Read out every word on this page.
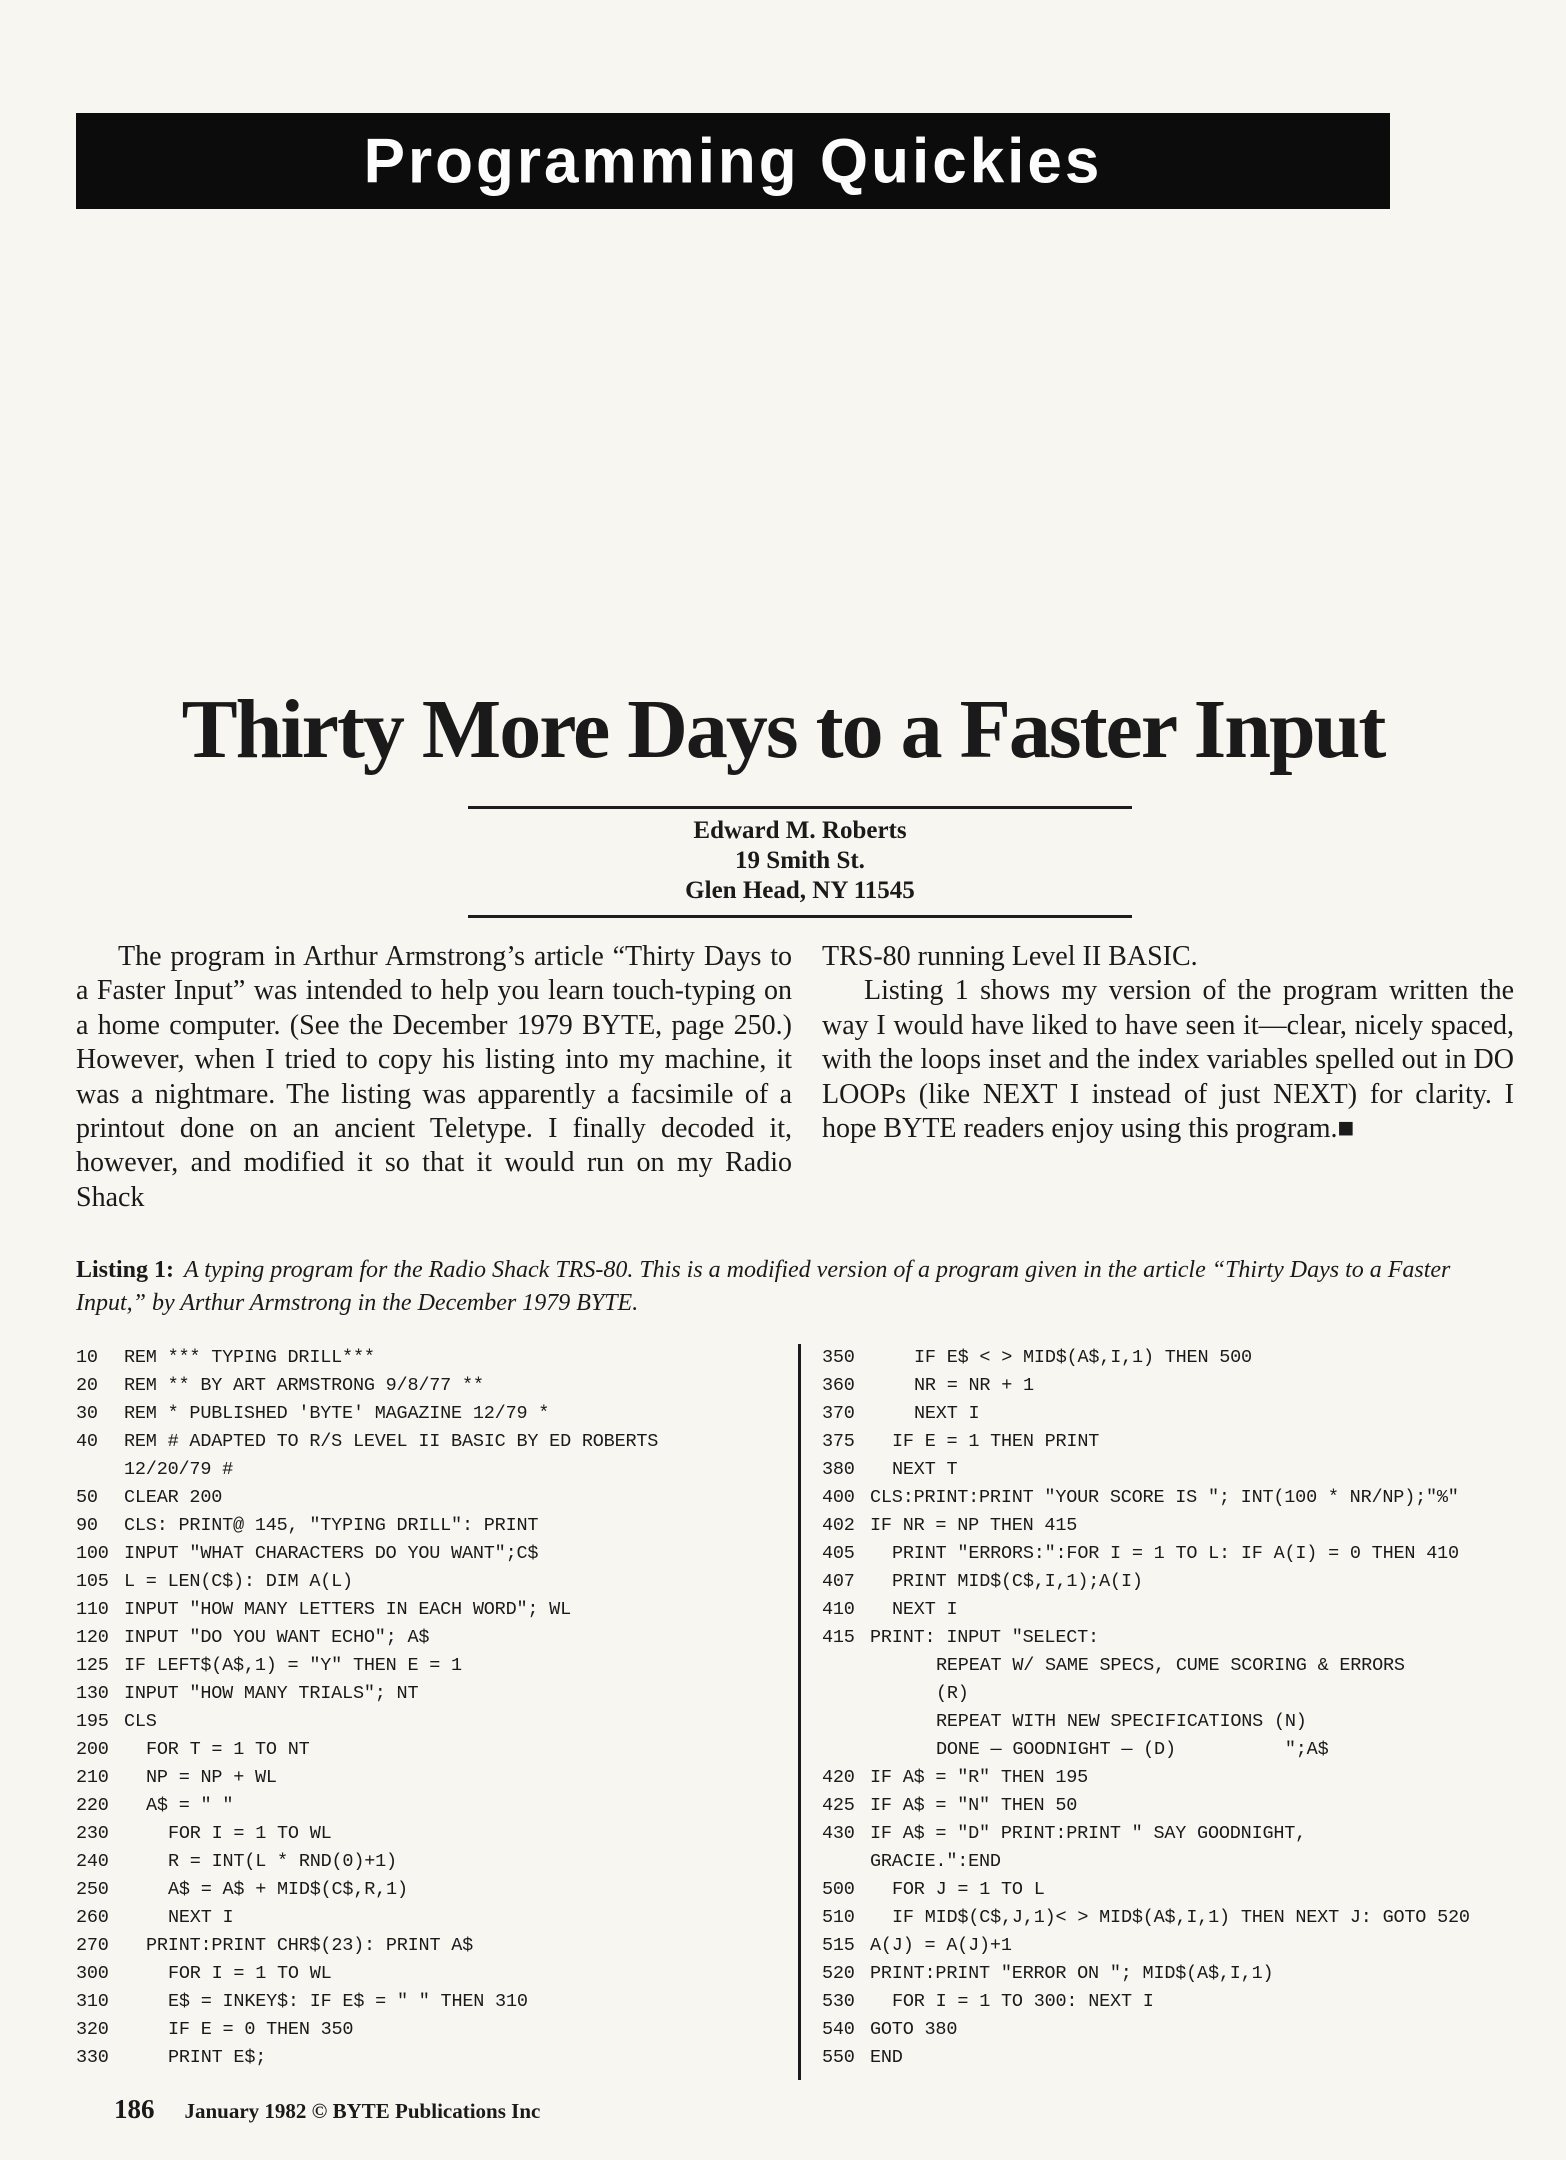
Programming Quickies
Thirty More Days to a Faster Input
Edward M. Roberts
19 Smith St.
Glen Head, NY 11545

The program in Arthur Armstrong’s article “Thirty Days to a Faster Input” was intended to help you learn touch-typing on a home computer. (See the December 1979 BYTE, page 250.) However, when I tried to copy his listing into my machine, it was a nightmare. The listing was apparently a facsimile of a printout done on an ancient Teletype. I finally decoded it, however, and modified it so that it would run on my Radio Shack

TRS-80 running Level II BASIC.

Listing 1 shows my version of the program written the way I would have liked to have seen it—clear, nicely spaced, with the loops inset and the index variables spelled out in DO LOOPs (like NEXT I instead of just NEXT) for clarity. I hope BYTE readers enjoy using this program.■

Listing 1: A typing program for the Radio Shack TRS-80. This is a modified version of a program given in the article “Thirty Days to a Faster Input,” by Arthur Armstrong in the December 1979 BYTE.
10	REM *** TYPING DRILL***
20	REM ** BY ART ARMSTRONG 9/8/77 **
30	REM * PUBLISHED 'BYTE' MAGAZINE 12/79 *
40	REM # ADAPTED TO R/S LEVEL II BASIC BY ED ROBERTS
12/20/79 #
50	CLEAR 200
90	CLS: PRINT@ 145, "TYPING DRILL": PRINT
100 INPUT "WHAT CHARACTERS DO YOU WANT";C$
105 L = LEN(C$): DIM A(L)
110 INPUT "HOW MANY LETTERS IN EACH WORD"; WL
120 INPUT "DO YOU WANT ECHO"; A$
125 IF LEFT$(A$,1) = "Y" THEN E = 1
130 INPUT "HOW MANY TRIALS"; NT
195 CLS
200	FOR T = 1 TO NT
210	NP = NP + WL
220	A$ = " "
230	FOR I = 1 TO WL
240	R = INT(L * RND(0)+1)
250	A$ = A$ + MID$(C$,R,1)
260	NEXT I
270	PRINT:PRINT CHR$(23): PRINT A$
300	FOR I = 1 TO WL
310	E$ = INKEY$: IF E$ = " " THEN 310
320	IF E = 0 THEN 350
330	PRINT E$;
350	IF E$ < > MID$(A$,I,1) THEN 500
360	NR = NR + 1
370	NEXT I
375	IF E = 1 THEN PRINT
380	NEXT T
400 CLS:PRINT:PRINT "YOUR SCORE IS "; INT(100 * NR/NP);"%"
402 IF NR = NP THEN 415
405	PRINT "ERRORS:":FOR I = 1 TO L: IF A(I) = 0 THEN 410
407	PRINT MID$(C$,I,1);A(I)
410	NEXT I
415 PRINT: INPUT "SELECT:
REPEAT W/ SAME SPECS, CUME SCORING & ERRORS
(R)
REPEAT WITH NEW SPECIFICATIONS (N)
DONE — GOODNIGHT — (D)          ";A$
420 IF A$ = "R" THEN 195
425 IF A$ = "N" THEN 50
430 IF A$ = "D" PRINT:PRINT " SAY GOODNIGHT,
GRACIE.":END
500	FOR J = 1 TO L
510	IF MID$(C$,J,1)< > MID$(A$,I,1) THEN NEXT J: GOTO 520
515 A(J) = A(J)+1
520 PRINT:PRINT "ERROR ON "; MID$(A$,I,1)
530	FOR I = 1 TO 300: NEXT I
540 GOTO 380
550 END
186 January 1982 © BYTE Publications Inc
